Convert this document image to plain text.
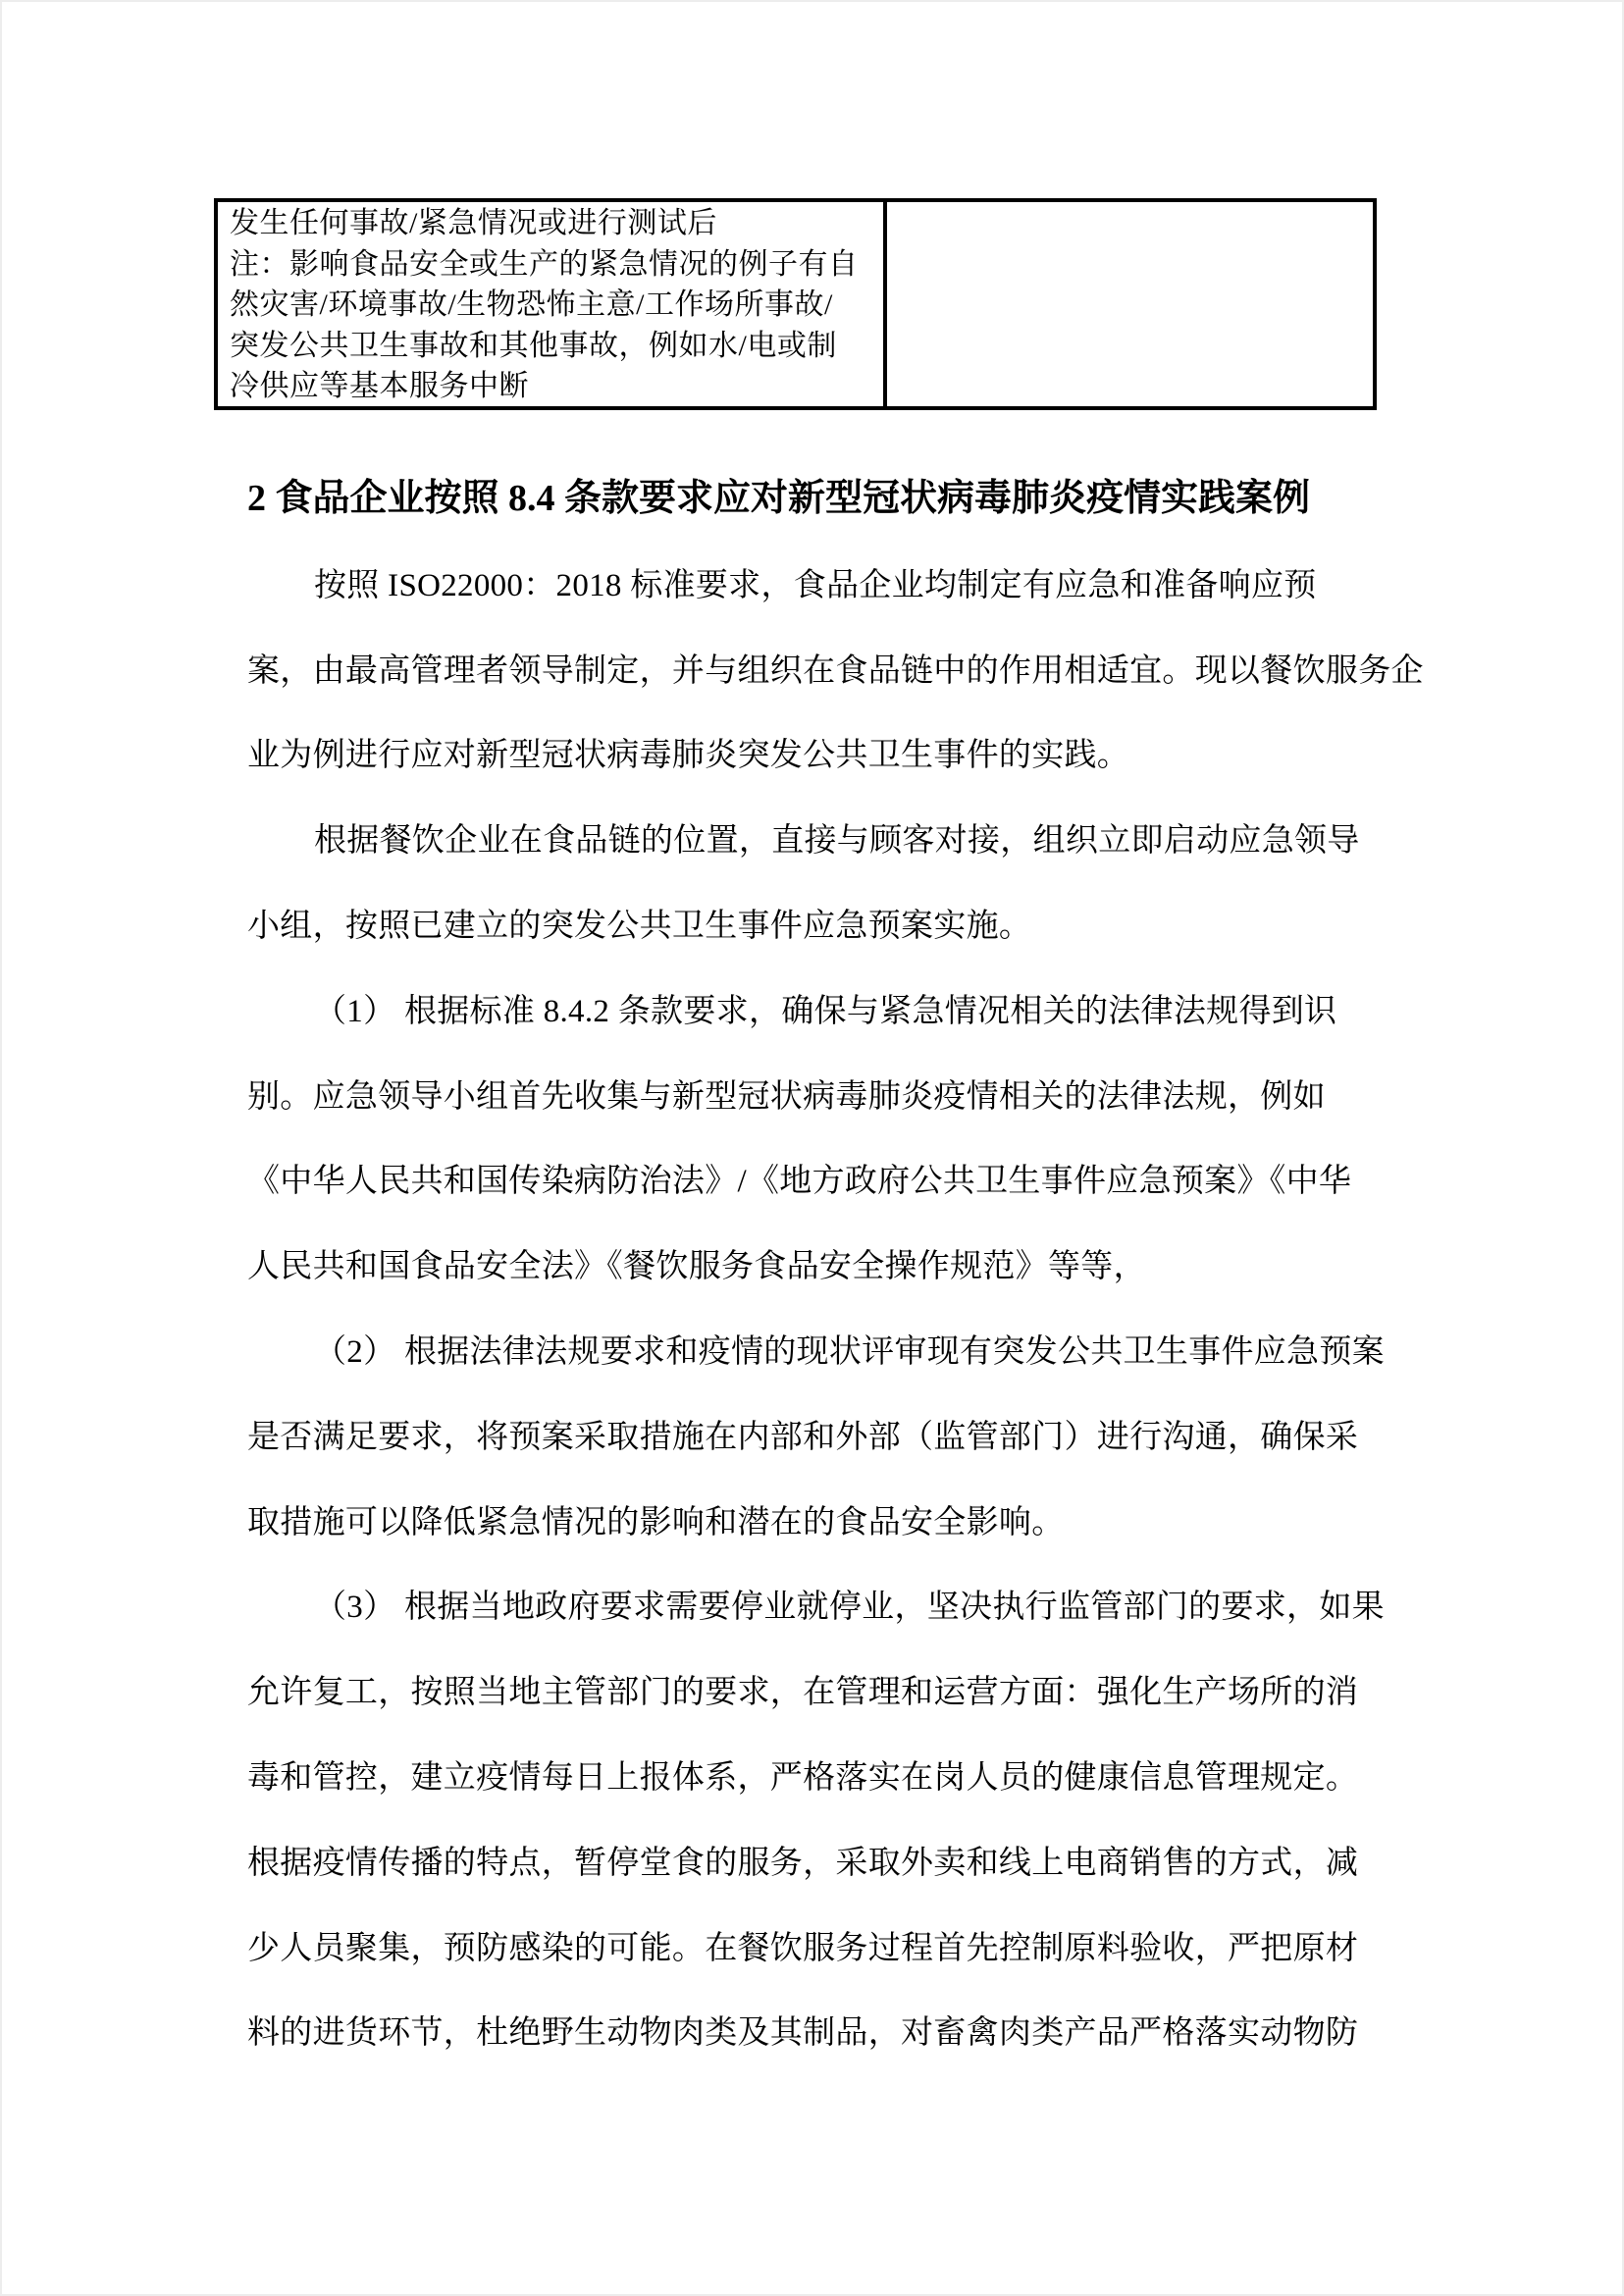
发生任何事故/紧急情况或进行测试后
注：影响食品安全或生产的紧急情况的例子有自
然灾害/环境事故/生物恐怖主意/工作场所事故/
突发公共卫生事故和其他事故，例如水/电或制
冷供应等基本服务中断
2 食品企业按照 8.4 条款要求应对新型冠状病毒肺炎疫情实践案例
按照 ISO22000：2018 标准要求，食品企业均制定有应急和准备响应预
案，由最高管理者领导制定，并与组织在食品链中的作用相适宜。现以餐饮服务企
业为例进行应对新型冠状病毒肺炎突发公共卫生事件的实践。
根据餐饮企业在食品链的位置，直接与顾客对接，组织立即启动应急领导
小组，按照已建立的突发公共卫生事件应急预案实施。
（1） 根据标准 8.4.2 条款要求，确保与紧急情况相关的法律法规得到识
别。应急领导小组首先收集与新型冠状病毒肺炎疫情相关的法律法规，例如
《中华人民共和国传染病防治法》/《地方政府公共卫生事件应急预案》《中华
人民共和国食品安全法》《餐饮服务食品安全操作规范》等等，
（2） 根据法律法规要求和疫情的现状评审现有突发公共卫生事件应急预案
是否满足要求，将预案采取措施在内部和外部（监管部门）进行沟通，确保采
取措施可以降低紧急情况的影响和潜在的食品安全影响。
（3） 根据当地政府要求需要停业就停业，坚决执行监管部门的要求，如果
允许复工，按照当地主管部门的要求，在管理和运营方面：强化生产场所的消
毒和管控，建立疫情每日上报体系，严格落实在岗人员的健康信息管理规定。
根据疫情传播的特点，暂停堂食的服务，采取外卖和线上电商销售的方式，减
少人员聚集，预防感染的可能。在餐饮服务过程首先控制原料验收，严把原材
料的进货环节，杜绝野生动物肉类及其制品，对畜禽肉类产品严格落实动物防
